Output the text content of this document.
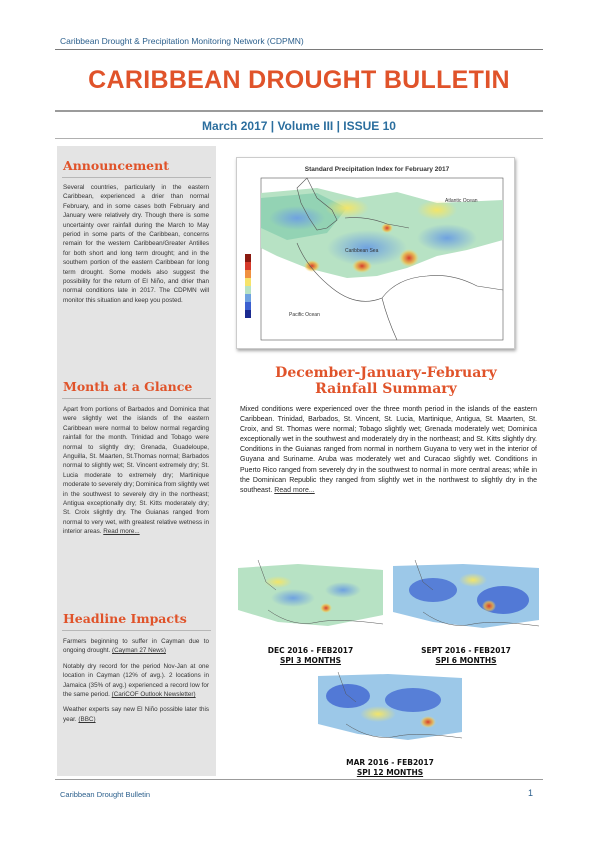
Caribbean Drought & Precipitation Monitoring Network (CDPMN)
CARIBBEAN DROUGHT BULLETIN
March 2017 | Volume III | ISSUE 10
Announcement
Several countries, particularly in the eastern Caribbean, experienced a drier than normal February, and in some cases both February and January were relatively dry. Though there is some uncertainty over rainfall during the March to May period in some parts of the Caribbean, concerns remain for the western Caribbean/Greater Antilles for both short and long term drought; and in the southern portion of the eastern Caribbean for long term drought. Some models also suggest the possibility for the return of El Niño, and drier than normal conditions late in 2017. The CDPMN will monitor this situation and keep you posted.
Month at a Glance
Apart from portions of Barbados and Dominica that were slightly wet the islands of the eastern Caribbean were normal to below normal regarding rainfall for the month. Trinidad and Tobago were normal to slightly dry; Grenada, Guadeloupe, Anguilla, St. Maarten, St.Thomas normal; Barbados normal to slightly wet; St. Vincent extremely dry; St. Lucia moderate to extremely dry; Martinique moderate to severely dry; Dominica from slightly wet in the southwest to severely dry in the northeast; Antigua exceptionally dry; St. Kitts moderately dry; St. Croix slightly dry. The Guianas ranged from normal to very wet, with greatest relative wetness in interior areas. Read more...
Headline Impacts

Farmers beginning to suffer in Cayman due to ongoing drought. (Cayman 27 News)

Notably dry record for the period Nov-Jan at one location in Cayman (12% of avg.). 2 locations in Jamaica (35% of avg.) experienced a record low for the same period. (CariCOF Outlook Newsletter)

Weather experts say new El Niño possible later this year. (BBC)

Standard Precipitation Index for February 2017
Atlantic Ocean
Caribbean Sea
Pacific Ocean
December-January-February
Rainfall Summary
Mixed conditions were experienced over the three month period in the islands of the eastern Caribbean. Trinidad, Barbados, St. Vincent, St. Lucia, Martinique, Antigua, St. Maarten, St. Croix, and St. Thomas were normal; Tobago slightly wet; Grenada moderately wet; Dominica exceptionally wet in the southwest and moderately dry in the northeast; and St. Kitts slightly dry. Conditions in the Guianas ranged from normal in northern Guyana to very wet in the interior of Guyana and Suriname. Aruba was moderately wet and Curacao slightly wet. Conditions in Puerto Rico ranged from severely dry in the southwest to normal in more central areas; while in the Dominican Republic they ranged from slightly wet in the northwest to slightly dry in the southeast. Read more...
DEC 2016 - FEB2017
SPI 3 MONTHS
SEPT 2016 - FEB2017
SPI 6 MONTHS
MAR 2016 - FEB2017
SPI 12 MONTHS
Caribbean Drought Bulletin	1
